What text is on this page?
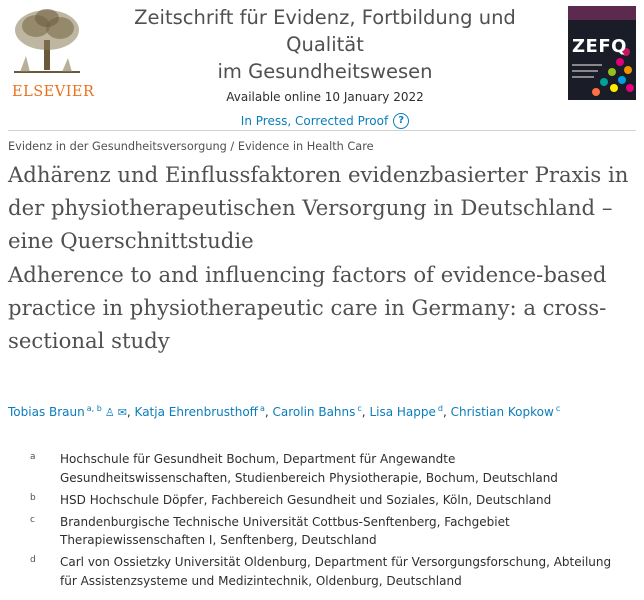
ELSEVIER
Zeitschrift für Evidenz, Fortbildung und Qualität
im Gesundheitswesen
Available online 10 January 2022
In Press, Corrected Proof	?
ZEFQ
Evidenz in der Gesundheitsversorgung / Evidence in Health Care
Adhärenz und Einflussfaktoren evidenzbasierter Praxis in der physiotherapeutischen Versorgung in Deutschland – eine Querschnittstudie
Adherence to and influencing factors of evidence-based practice in physiotherapeutic care in Germany: a cross-sectional study
Tobias Braun $^{a, b}$ ♙ ✉, Katja Ehrenbrusthoff $^a$, Carolin Bahns $^c$, Lisa Happe $^d$, Christian Kopkow $^c$
a Hochschule für Gesundheit Bochum, Department für Angewandte Gesundheitswissenschaften, Studienbereich Physiotherapie, Bochum, Deutschland
b HSD Hochschule Döpfer, Fachbereich Gesundheit und Soziales, Köln, Deutschland
c Brandenburgische Technische Universität Cottbus-Senftenberg, Fachgebiet Therapiewissenschaften I, Senftenberg, Deutschland
d Carl von Ossietzky Universität Oldenburg, Department für Versorgungsforschung, Abteilung für Assistenzsysteme und Medizintechnik, Oldenburg, Deutschland
